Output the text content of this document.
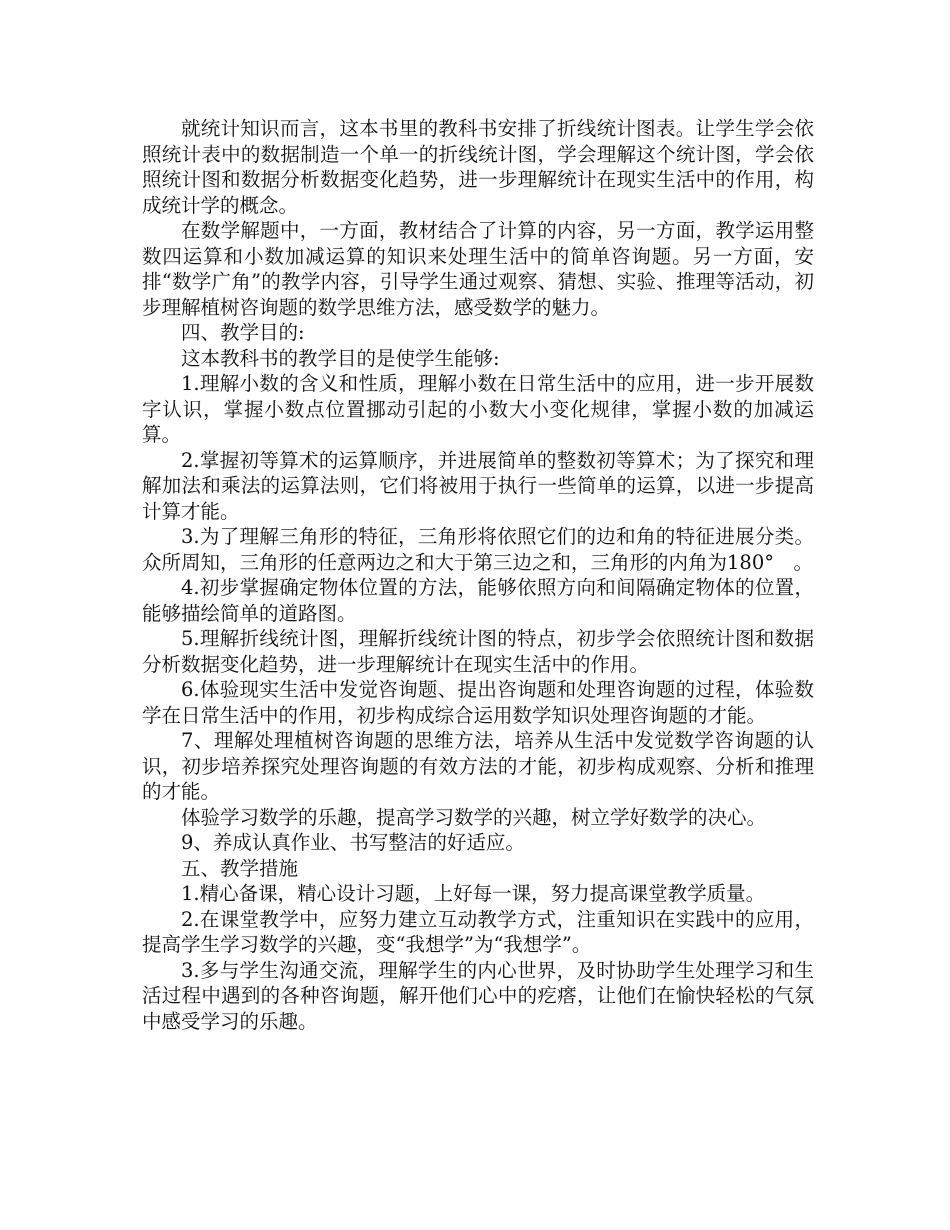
就统计知识而言，这本书里的教科书安排了折线统计图表。让学生学会依照统计表中的数据制造一个单一的折线统计图，学会理解这个统计图，学会依照统计图和数据分析数据变化趋势，进一步理解统计在现实生活中的作用，构成统计学的概念。

在数学解题中，一方面，教材结合了计算的内容，另一方面，教学运用整数四运算和小数加减运算的知识来处理生活中的简单咨询题。另一方面，安排“数学广角”的教学内容，引导学生通过观察、猜想、实验、推理等活动，初步理解植树咨询题的数学思维方法，感受数学的魅力。

四、教学目的:

这本教科书的教学目的是使学生能够:

1.理解小数的含义和性质，理解小数在日常生活中的应用，进一步开展数字认识，掌握小数点位置挪动引起的小数大小变化规律，掌握小数的加减运算。

2.掌握初等算术的运算顺序，并进展简单的整数初等算术；为了探究和理解加法和乘法的运算法则，它们将被用于执行一些简单的运算，以进一步提高计算才能。

3.为了理解三角形的特征，三角形将依照它们的边和角的特征进展分类。众所周知，三角形的任意两边之和大于第三边之和，三角形的内角为180°　。

4.初步掌握确定物体位置的方法，能够依照方向和间隔确定物体的位置，能够描绘简单的道路图。

5.理解折线统计图，理解折线统计图的特点，初步学会依照统计图和数据分析数据变化趋势，进一步理解统计在现实生活中的作用。

6.体验现实生活中发觉咨询题、提出咨询题和处理咨询题的过程，体验数学在日常生活中的作用，初步构成综合运用数学知识处理咨询题的才能。

7、理解处理植树咨询题的思维方法，培养从生活中发觉数学咨询题的认识，初步培养探究处理咨询题的有效方法的才能，初步构成观察、分析和推理的才能。

体验学习数学的乐趣，提高学习数学的兴趣，树立学好数学的决心。

9、养成认真作业、书写整洁的好适应。

五、教学措施

1.精心备课，精心设计习题，上好每一课，努力提高课堂教学质量。

2.在课堂教学中，应努力建立互动教学方式，注重知识在实践中的应用，提高学生学习数学的兴趣，变“我想学”为“我想学”。

3.多与学生沟通交流，理解学生的内心世界，及时协助学生处理学习和生活过程中遇到的各种咨询题，解开他们心中的疙瘩，让他们在愉快轻松的气氛中感受学习的乐趣。
